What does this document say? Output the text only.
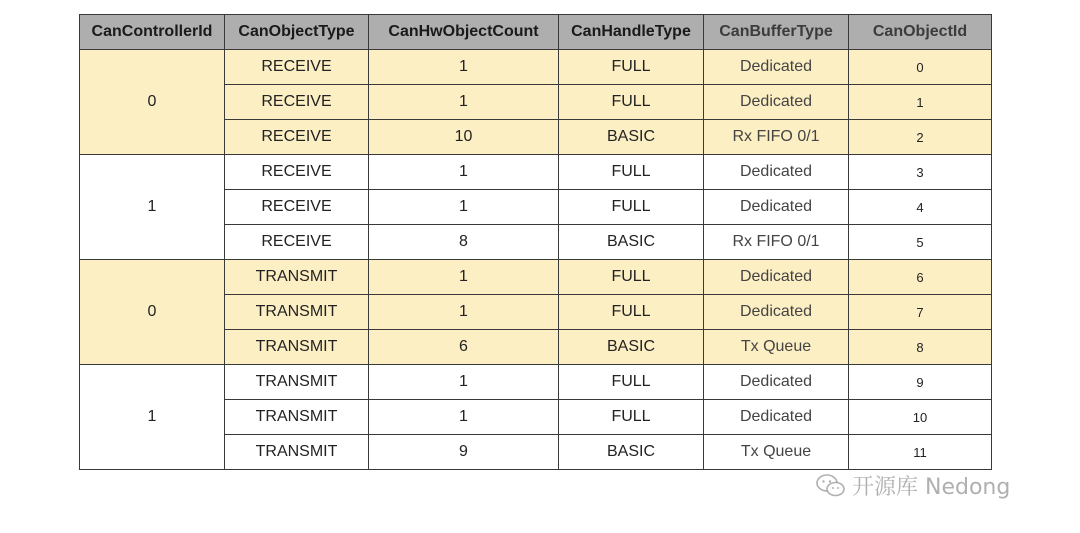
CanControllerId	CanObjectType	CanHwObjectCount	CanHandleType	CanBufferType	CanObjectId
0	RECEIVE	1	FULL	Dedicated	0
	RECEIVE	1	FULL	Dedicated	1
	RECEIVE	10	BASIC	Rx FIFO 0/1	2
1	RECEIVE	1	FULL	Dedicated	3
	RECEIVE	1	FULL	Dedicated	4
	RECEIVE	8	BASIC	Rx FIFO 0/1	5
0	TRANSMIT	1	FULL	Dedicated	6
	TRANSMIT	1	FULL	Dedicated	7
	TRANSMIT	6	BASIC	Tx Queue	8
1	TRANSMIT	1	FULL	Dedicated	9
	TRANSMIT	1	FULL	Dedicated	10
	TRANSMIT	9	BASIC	Tx Queue	11
开源库 Nedong
